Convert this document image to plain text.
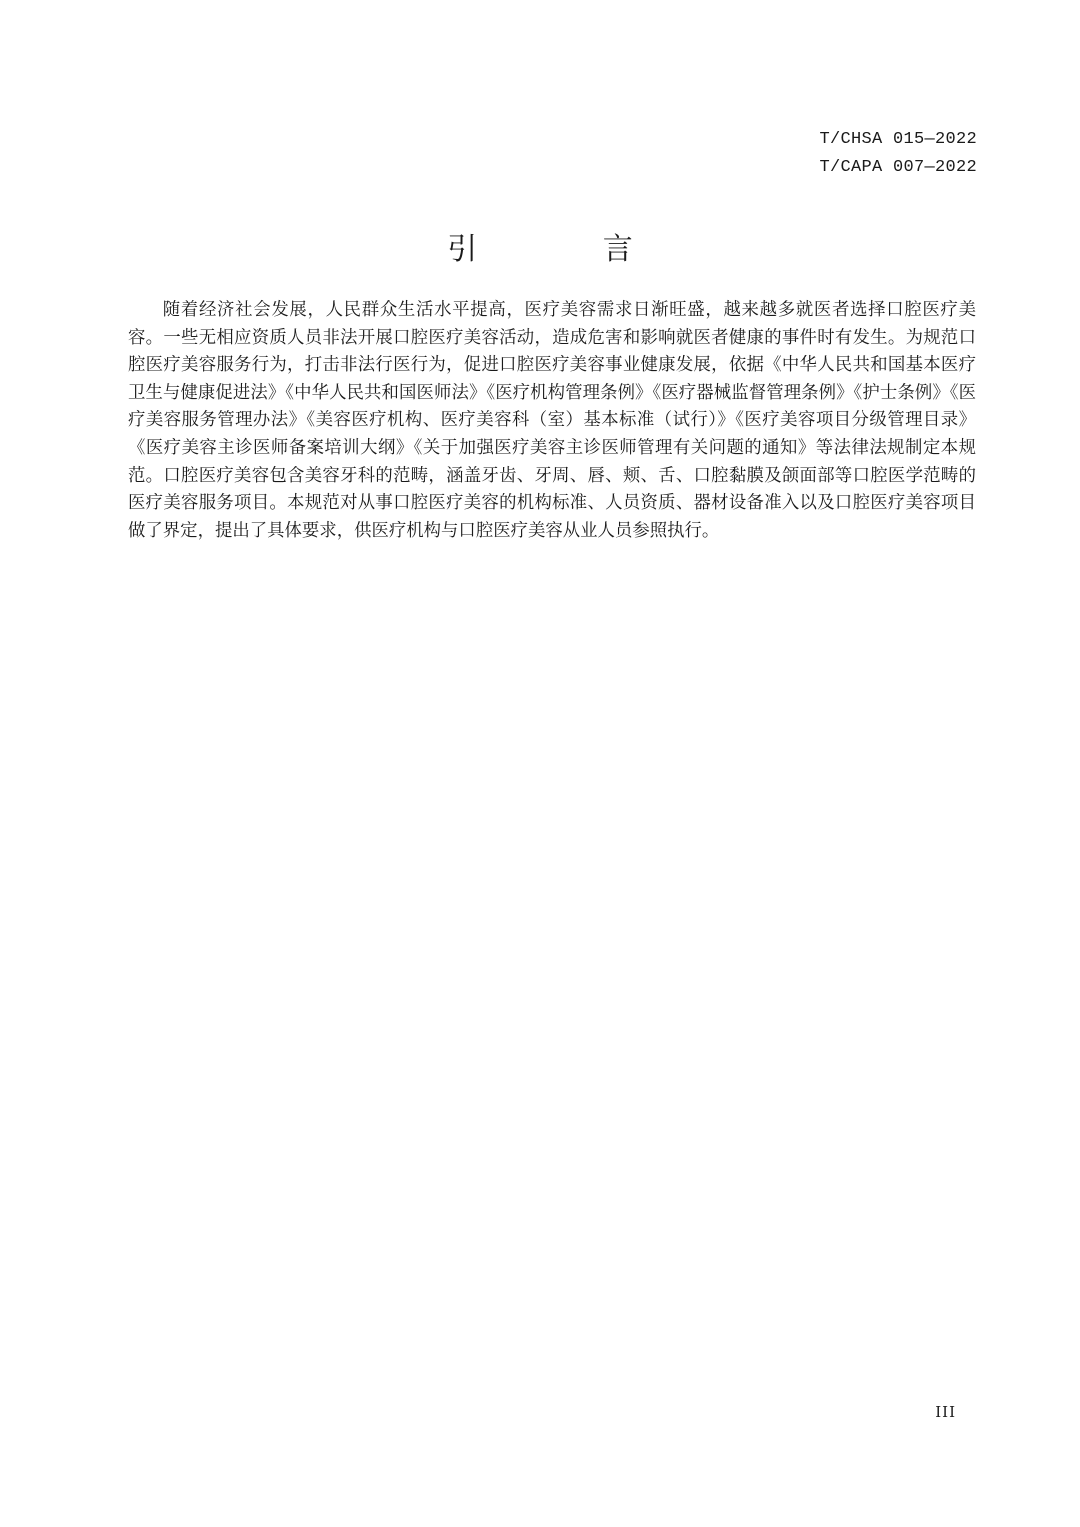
T/CHSA 015—2022
T/CAPA 007—2022
引 言

随着经济社会发展，人民群众生活水平提高，医疗美容需求日渐旺盛，越来越多就医者选择口腔医疗美容。一些无相应资质人员非法开展口腔医疗美容活动，造成危害和影响就医者健康的事件时有发生。为规范口腔医疗美容服务行为，打击非法行医行为，促进口腔医疗美容事业健康发展，依据《中华人民共和国基本医疗卫生与健康促进法》《中华人民共和国医师法》《医疗机构管理条例》《医疗器械监督管理条例》《护士条例》《医疗美容服务管理办法》《美容医疗机构、医疗美容科（室）基本标准（试行）》《医疗美容项目分级管理目录》《医疗美容主诊医师备案培训大纲》《关于加强医疗美容主诊医师管理有关问题的通知》等法律法规制定本规范。口腔医疗美容包含美容牙科的范畴，涵盖牙齿、牙周、唇、颊、舌、口腔黏膜及颌面部等口腔医学范畴的医疗美容服务项目。本规范对从事口腔医疗美容的机构标准、人员资质、器材设备准入以及口腔医疗美容项目做了界定，提出了具体要求，供医疗机构与口腔医疗美容从业人员参照执行。

III
